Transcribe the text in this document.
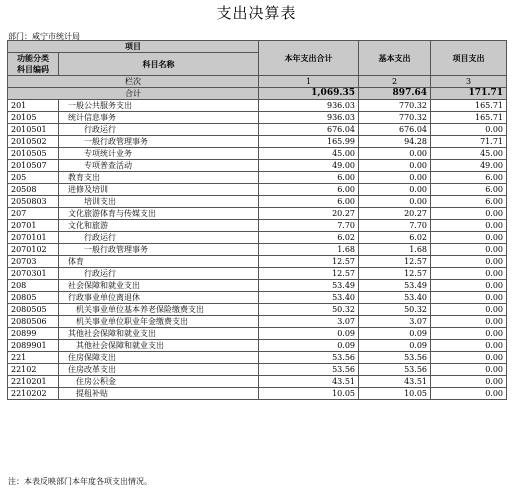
支出决算表
部门：咸宁市统计局
项目		本年支出合计	基本支出	项目支出

功能分类
科目编码	科目名称			

栏次		1	2	3
合计		1,069.35	897.64	171.71
201	一般公共服务支出	936.03	770.32	165.71
20105	统计信息事务	936.03	770.32	165.71
2010501	行政运行	676.04	676.04	0.00
2010502	一般行政管理事务	165.99	94.28	71.71
2010505	专项统计业务	45.00	0.00	45.00
2010507	专项普查活动	49.00	0.00	49.00
205	教育支出	6.00	0.00	6.00
20508	进修及培训	6.00	0.00	6.00
2050803	培训支出	6.00	0.00	6.00
207	文化旅游体育与传媒支出	20.27	20.27	0.00
20701	文化和旅游	7.70	7.70	0.00
2070101	行政运行	6.02	6.02	0.00
2070102	一般行政管理事务	1.68	1.68	0.00
20703	体育	12.57	12.57	0.00
2070301	行政运行	12.57	12.57	0.00
208	社会保障和就业支出	53.49	53.49	0.00
20805	行政事业单位离退休	53.40	53.40	0.00
2080505	机关事业单位基本养老保险缴费支出	50.32	50.32	0.00
2080506	机关事业单位职业年金缴费支出	3.07	3.07	0.00
20899	其他社会保障和就业支出	0.09	0.09	0.00
2089901	其他社会保障和就业支出	0.09	0.09	0.00
221	住房保障支出	53.56	53.56	0.00
22102	住房改革支出	53.56	53.56	0.00
2210201	住房公积金	43.51	43.51	0.00
2210202	提租补贴	10.05	10.05	0.00
注：本表反映部门本年度各项支出情况。
